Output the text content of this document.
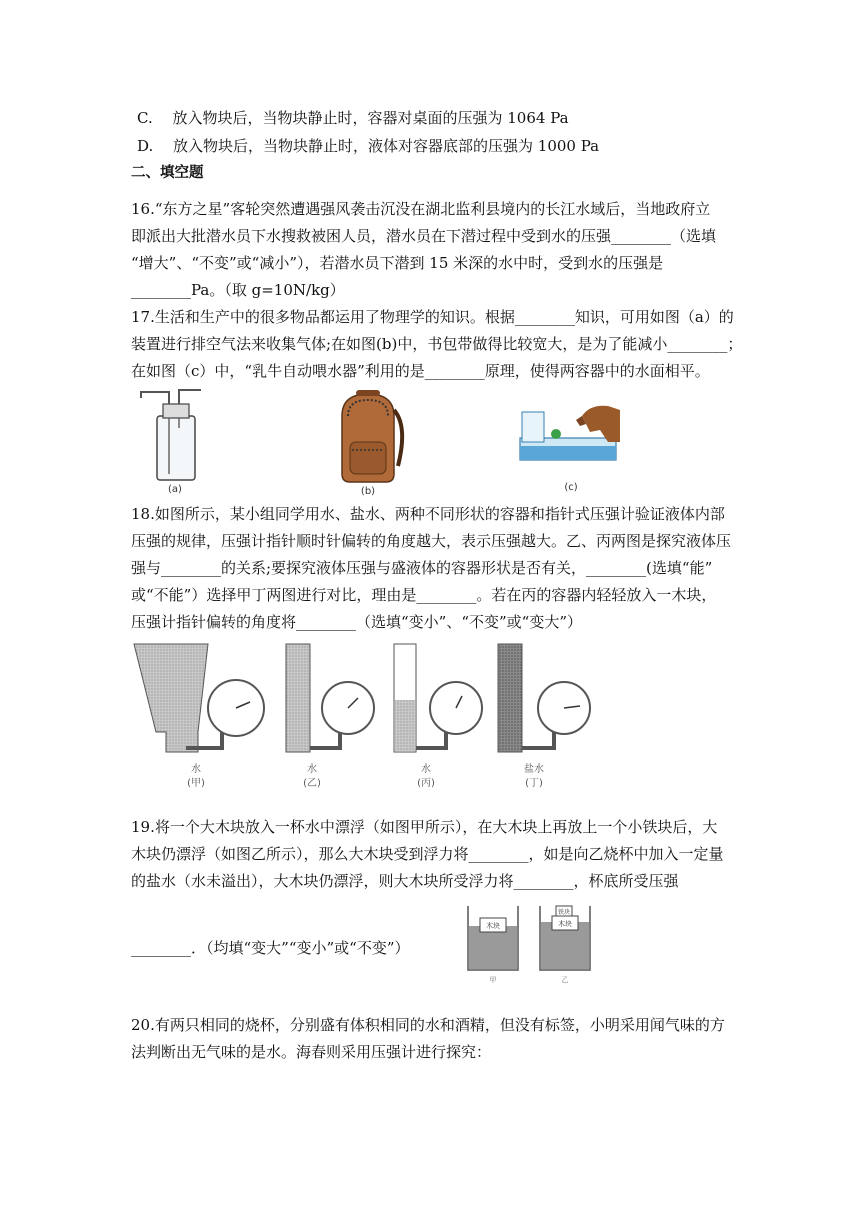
C.　 放入物块后，当物块静止时，容器对桌面的压强为 1064 Pa
D.　 放入物块后，当物块静止时，液体对容器底部的压强为 1000 Pa
二、填空题
16.“东方之星”客轮突然遭遇强风袭击沉没在湖北监利县境内的长江水域后，当地政府立
即派出大批潜水员下水搜救被困人员，潜水员在下潜过程中受到水的压强________（选填
“增大”、“不变”或“减小”），若潜水员下潜到 15 米深的水中时，受到水的压强是
________Pa。（取 g=10N/kg）
17.生活和生产中的很多物品都运用了物理学的知识。根据________知识，可用如图（a）的
装置进行排空气法来收集气体;在如图(b)中，书包带做得比较宽大，是为了能减小________；
在如图（c）中，“乳牛自动喂水器”利用的是________原理，使得两容器中的水面相平。
(a)	(b)	(c)
18.如图所示，某小组同学用水、盐水、两种不同形状的容器和指针式压强计验证液体内部
压强的规律，压强计指针顺时针偏转的角度越大，表示压强越大。乙、丙两图是探究液体压
强与________的关系;要探究液体压强与盛液体的容器形状是否有关，________(选填“能”
或“不能”）选择甲丁两图进行对比，理由是________。若在丙的容器内轻轻放入一木块，
压强计指针偏转的角度将________（选填“变小”、“不变”或“变大”）
水
(甲)
水
(乙)
水
(丙)
盐水
(丁)
19.将一个大木块放入一杯水中漂浮（如图甲所示），在大木块上再放上一个小铁块后，大
木块仍漂浮（如图乙所示），那么大木块受到浮力将________，如是向乙烧杯中加入一定量
的盐水（水未溢出），大木块仍漂浮，则大木块所受浮力将________，杯底所受压强
________．（均填“变大”“变小”或“不变”）
木块
甲
木块
铁块
乙
20.有两只相同的烧杯，分别盛有体积相同的水和酒精，但没有标签，小明采用闻气味的方
法判断出无气味的是水。海春则采用压强计进行探究：
